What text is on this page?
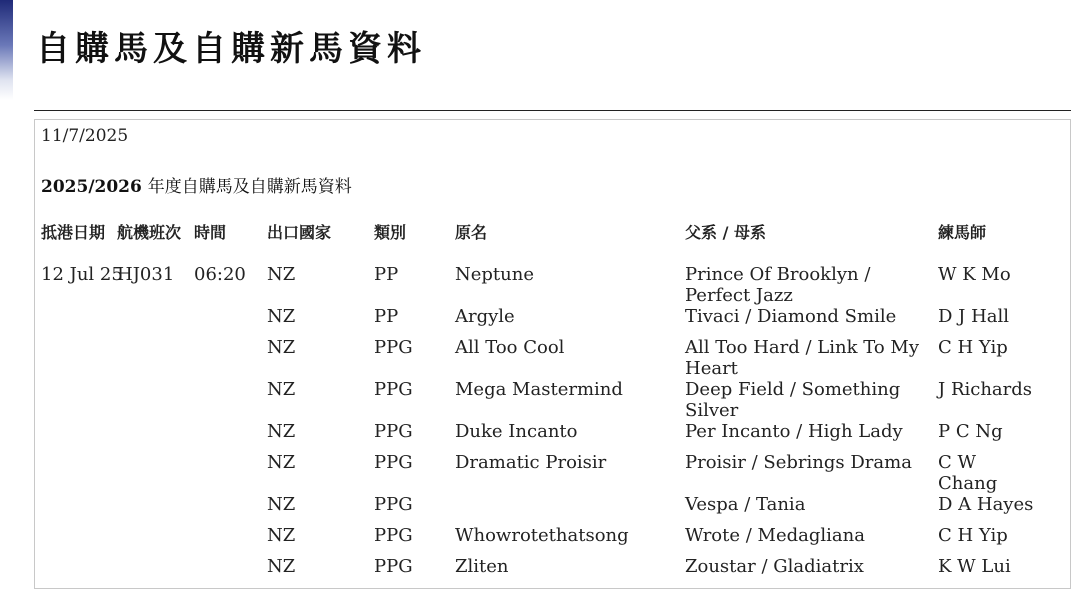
自購馬及自購新馬資料
11/7/2025
2025/2026 年度自購馬及自購新馬資料
抵港日期	航機班次	時間	出口國家	類別	原名	父系 / 母系	練馬師
12 Jul 25	HJ031	06:20	NZ	PP	Neptune	Prince Of Brooklyn / Perfect Jazz	W K Mo
			NZ	PP	Argyle	Tivaci / Diamond Smile	D J Hall
			NZ	PPG	All Too Cool	All Too Hard / Link To My Heart	C H Yip
			NZ	PPG	Mega Mastermind	Deep Field / Something Silver	J Richards
			NZ	PPG	Duke Incanto	Per Incanto / High Lady	P C Ng
			NZ	PPG	Dramatic Proisir	Proisir / Sebrings Drama	C W Chang
			NZ	PPG		Vespa / Tania	D A Hayes
			NZ	PPG	Whowrotethatsong	Wrote / Medagliana	C H Yip
			NZ	PPG	Zliten	Zoustar / Gladiatrix	K W Lui
